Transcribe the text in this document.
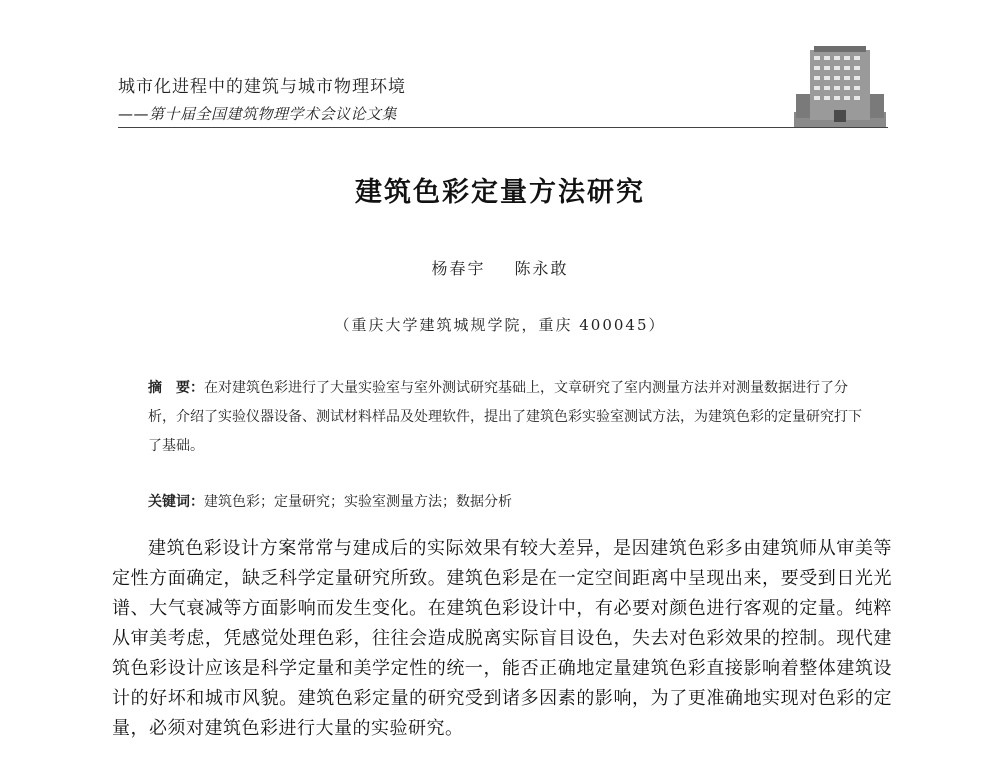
城市化进程中的建筑与城市物理环境
——第十届全国建筑物理学术会议论文集
建筑色彩定量方法研究
杨春宇 陈永敢
（重庆大学建筑城规学院，重庆 400045）
摘　要：在对建筑色彩进行了大量实验室与室外测试研究基础上，文章研究了室内测量方法并对测量数据进行了分析，介绍了实验仪器设备、测试材料样品及处理软件，提出了建筑色彩实验室测试方法，为建筑色彩的定量研究打下了基础。
关键词：建筑色彩；定量研究；实验室测量方法；数据分析
建筑色彩设计方案常常与建成后的实际效果有较大差异，是因建筑色彩多由建筑师从审美等定性方面确定，缺乏科学定量研究所致。建筑色彩是在一定空间距离中呈现出来，要受到日光光谱、大气衰减等方面影响而发生变化。在建筑色彩设计中，有必要对颜色进行客观的定量。纯粹从审美考虑，凭感觉处理色彩，往往会造成脱离实际盲目设色，失去对色彩效果的控制。现代建筑色彩设计应该是科学定量和美学定性的统一，能否正确地定量建筑色彩直接影响着整体建筑设计的好坏和城市风貌。建筑色彩定量的研究受到诸多因素的影响，为了更准确地实现对色彩的定量，必须对建筑色彩进行大量的实验研究。
